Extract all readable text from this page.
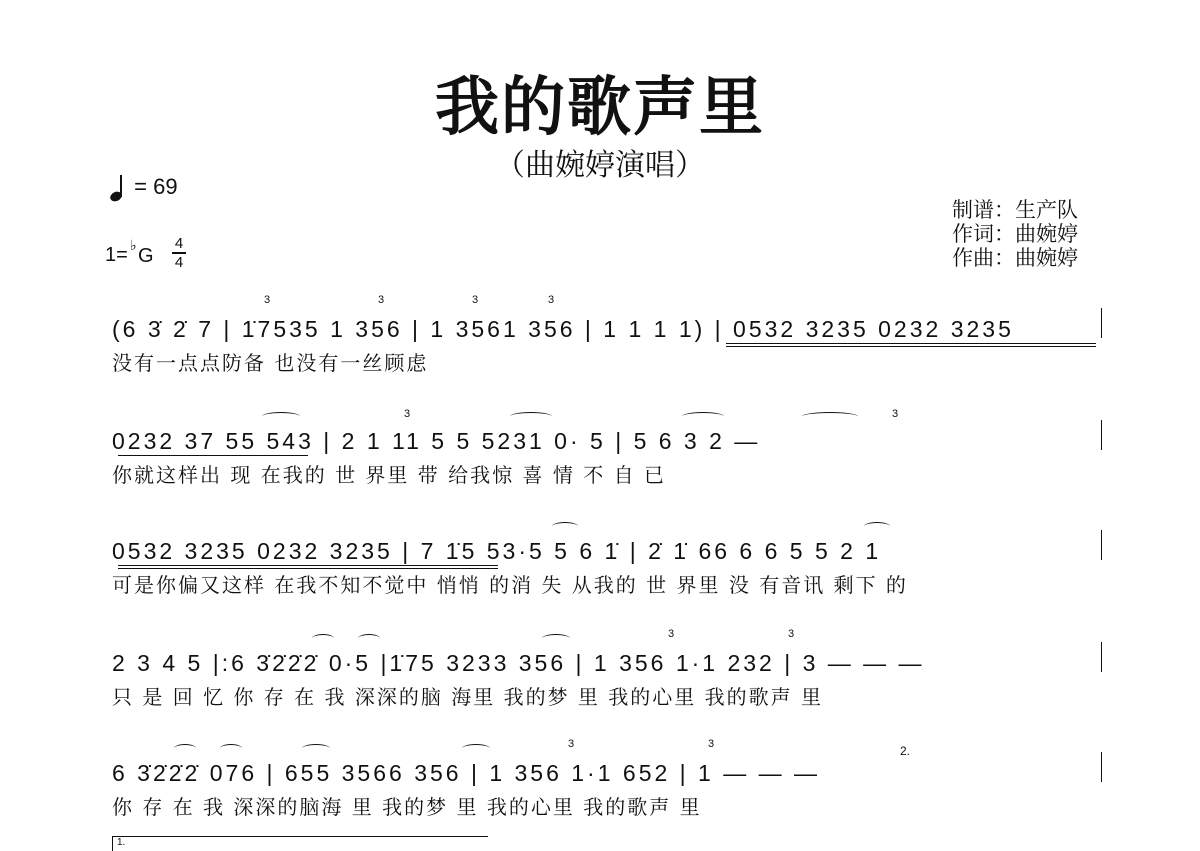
我的歌声里
（曲婉婷演唱）
= 69
1= ♭ G
4
4
制谱：生产队
作词：曲婉婷
作曲：曲婉婷
(6 3̇ 2̇ 7 | 1̇7535 1 356 | 1 3561 356 | 1 1 1 1) | 0532 3235 0232 3235
没有一点点防备 也没有一丝顾虑
3	3	3	3
0232 37 55 543 | 2 1 11 5 5 5231 0· 5 | 5 6 3 2 —
你就这样出 现 在我的 世 界里 带 给我惊 喜 情 不 自 已
3	3
0532 3235 0232 3235 | 7 1̇5 53·5 5 6 1̇ | 2̇ 1̇ 66 6 6 5 5 2 1
可是你偏又这样 在我不知不觉中 悄悄 的消 失 从我的 世 界里 没 有音讯 剩下 的
2 3 4 5 |:6 3̇2̇2̇2̇ 0·5 |1̇75 3233 356 | 1 356 1·1 232 | 3 — — —
只 是 回 忆 你 存 在 我 深深的脑 海里 我的梦 里 我的心里 我的歌声 里
3	3
6 3̇2̇2̇2̇ 076 | 655 3566 356 | 1 356 1·1 652 | 1 — — —
你 存 在 我 深深的脑海 里 我的梦 里 我的心里 我的歌声 里
3	3	2.
1.
